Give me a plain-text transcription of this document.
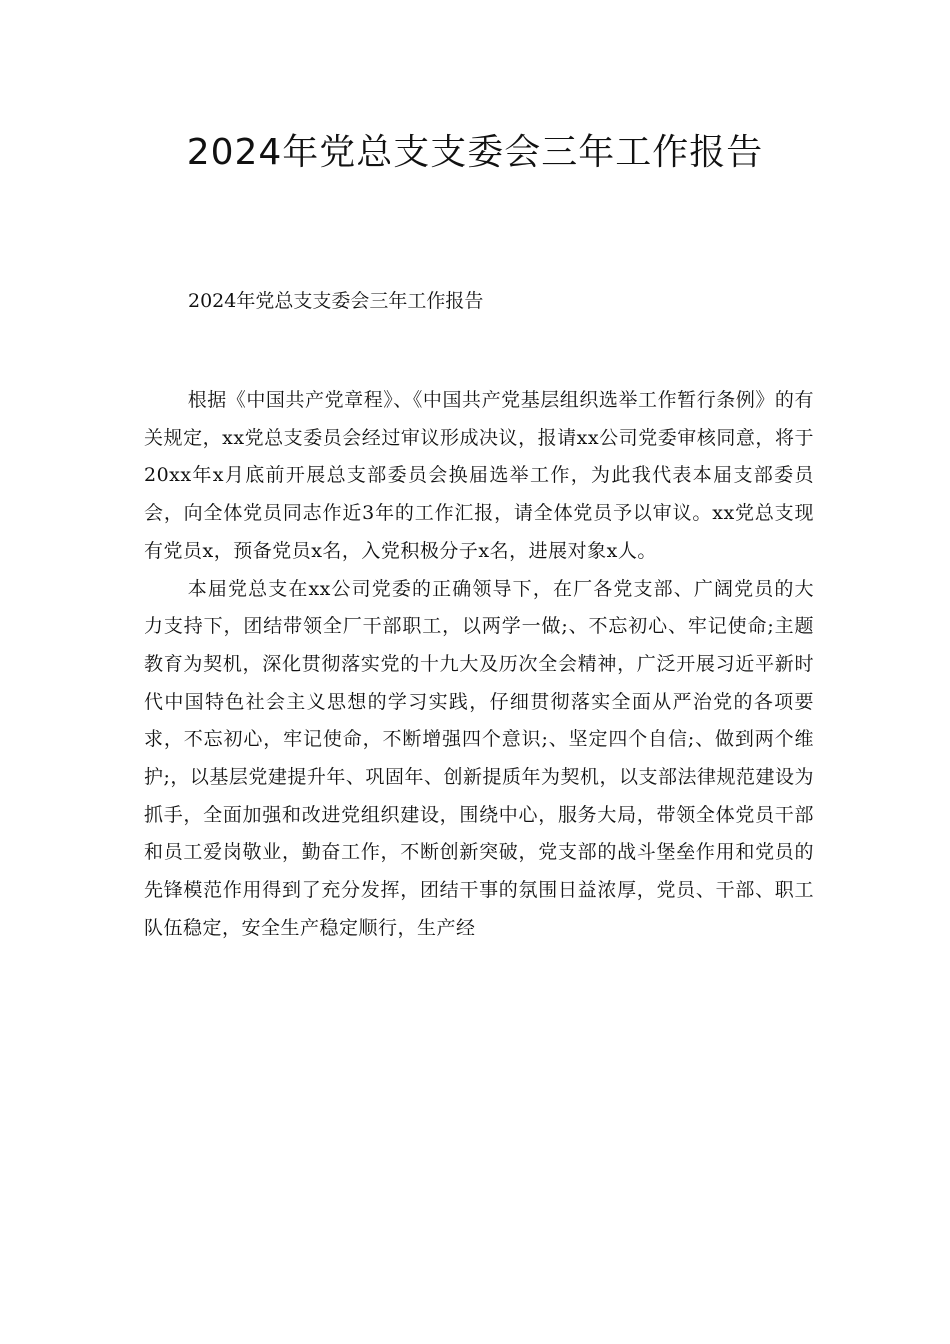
2024年党总支支委会三年工作报告

2024年党总支支委会三年工作报告

根据《中国共产党章程》、《中国共产党基层组织选举工作暂行条例》的有关规定，xx党总支委员会经过审议形成决议，报请xx公司党委审核同意，将于20xx年x月底前开展总支部委员会换届选举工作，为此我代表本届支部委员会，向全体党员同志作近3年的工作汇报，请全体党员予以审议。xx党总支现有党员x，预备党员x名，入党积极分子x名，进展对象x人。

本届党总支在xx公司党委的正确领导下，在厂各党支部、广阔党员的大力支持下，团结带领全厂干部职工，以两学一做;、不忘初心、牢记使命;主题教育为契机，深化贯彻落实党的十九大及历次全会精神，广泛开展习近平新时代中国特色社会主义思想的学习实践，仔细贯彻落实全面从严治党的各项要求，不忘初心，牢记使命，不断增强四个意识;、坚定四个自信;、做到两个维护;，以基层党建提升年、巩固年、创新提质年为契机，以支部法律规范建设为抓手，全面加强和改进党组织建设，围绕中心，服务大局，带领全体党员干部和员工爱岗敬业，勤奋工作，不断创新突破，党支部的战斗堡垒作用和党员的先锋模范作用得到了充分发挥，团结干事的氛围日益浓厚，党员、干部、职工队伍稳定，安全生产稳定顺行，生产经
